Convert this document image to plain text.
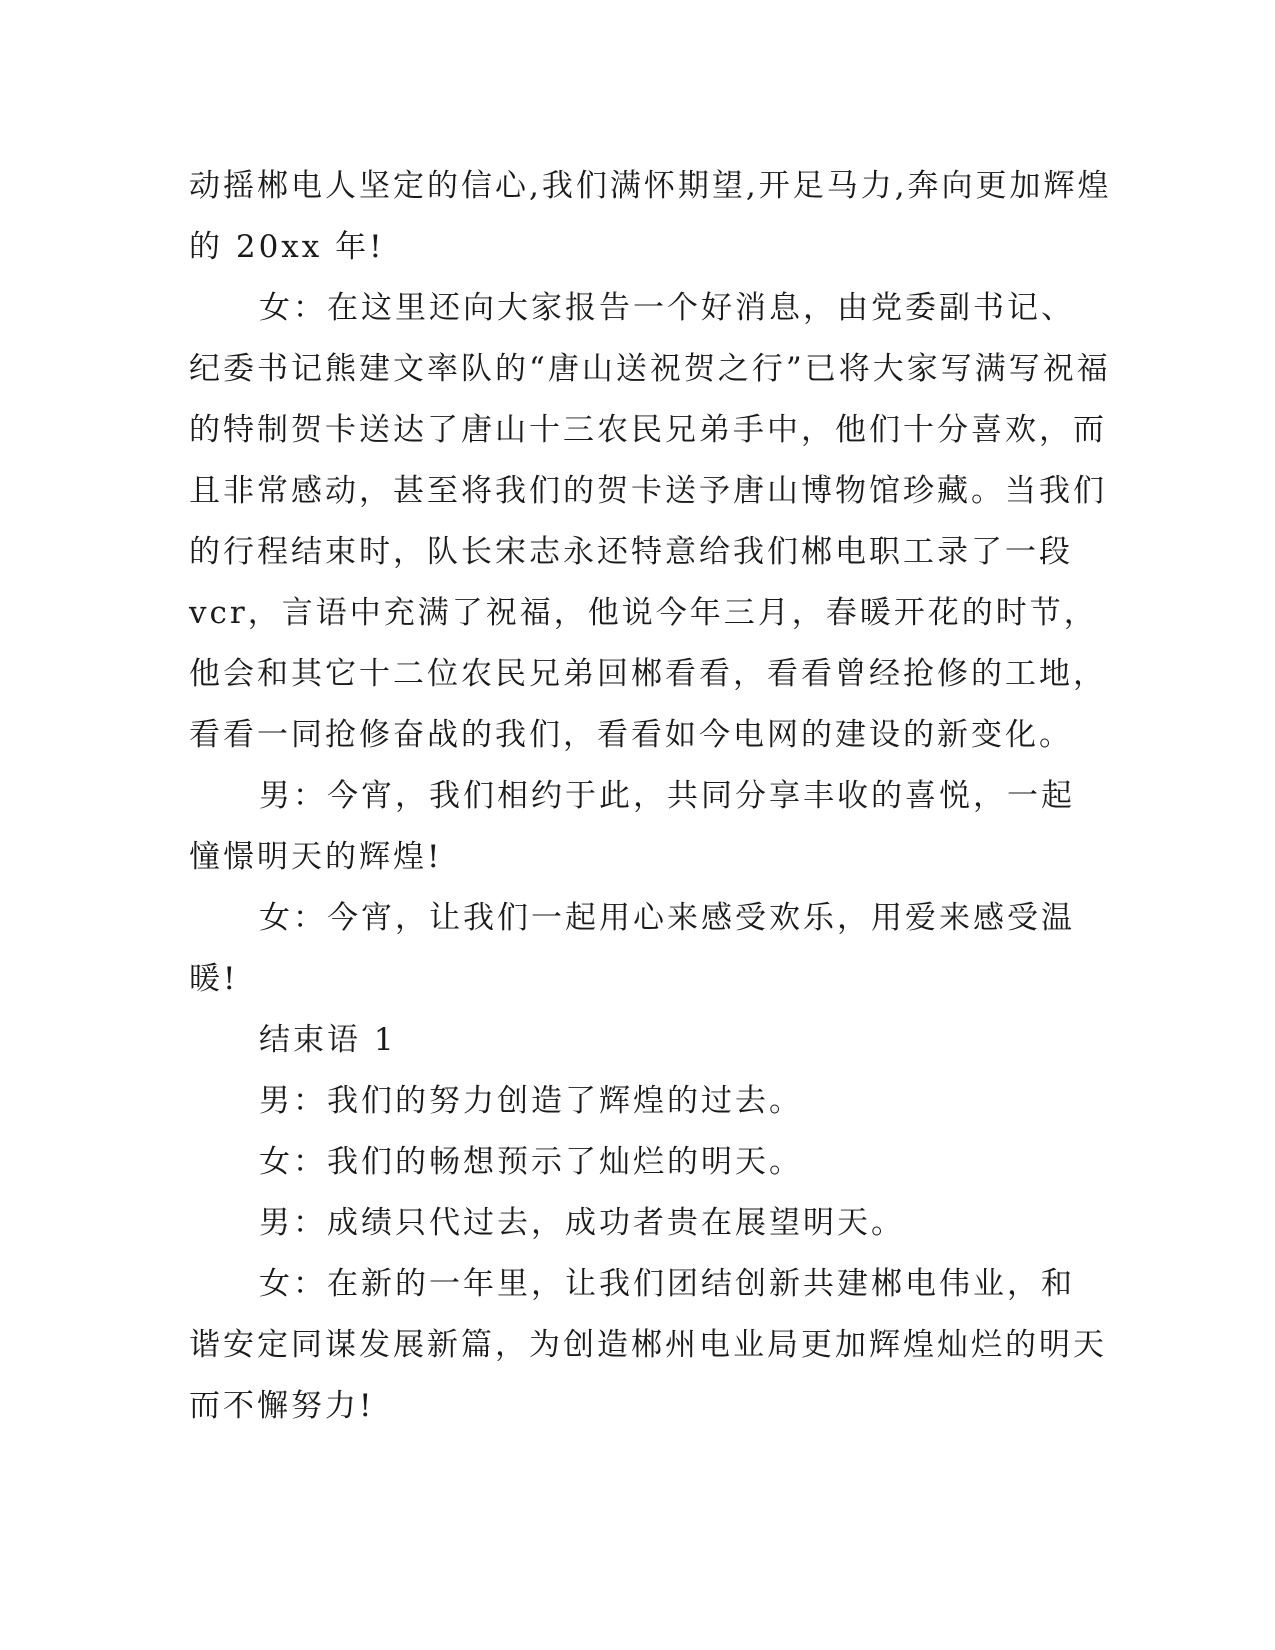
动摇郴电人坚定的信心,我们满怀期望,开足马力,奔向更加辉煌
的 20xx 年!

女：在这里还向大家报告一个好消息，由党委副书记、
纪委书记熊建文率队的“唐山送祝贺之行”已将大家写满写祝福
的特制贺卡送达了唐山十三农民兄弟手中，他们十分喜欢，而
且非常感动，甚至将我们的贺卡送予唐山博物馆珍藏。当我们
的行程结束时，队长宋志永还特意给我们郴电职工录了一段
vcr，言语中充满了祝福，他说今年三月，春暖开花的时节，
他会和其它十二位农民兄弟回郴看看，看看曾经抢修的工地，
看看一同抢修奋战的我们，看看如今电网的建设的新变化。

男：今宵，我们相约于此，共同分享丰收的喜悦，一起
憧憬明天的辉煌!

女：今宵，让我们一起用心来感受欢乐，用爱来感受温
暖!

结束语 1

男：我们的努力创造了辉煌的过去。

女：我们的畅想预示了灿烂的明天。

男：成绩只代过去，成功者贵在展望明天。

女：在新的一年里，让我们团结创新共建郴电伟业，和
谐安定同谋发展新篇，为创造郴州电业局更加辉煌灿烂的明天
而不懈努力!
